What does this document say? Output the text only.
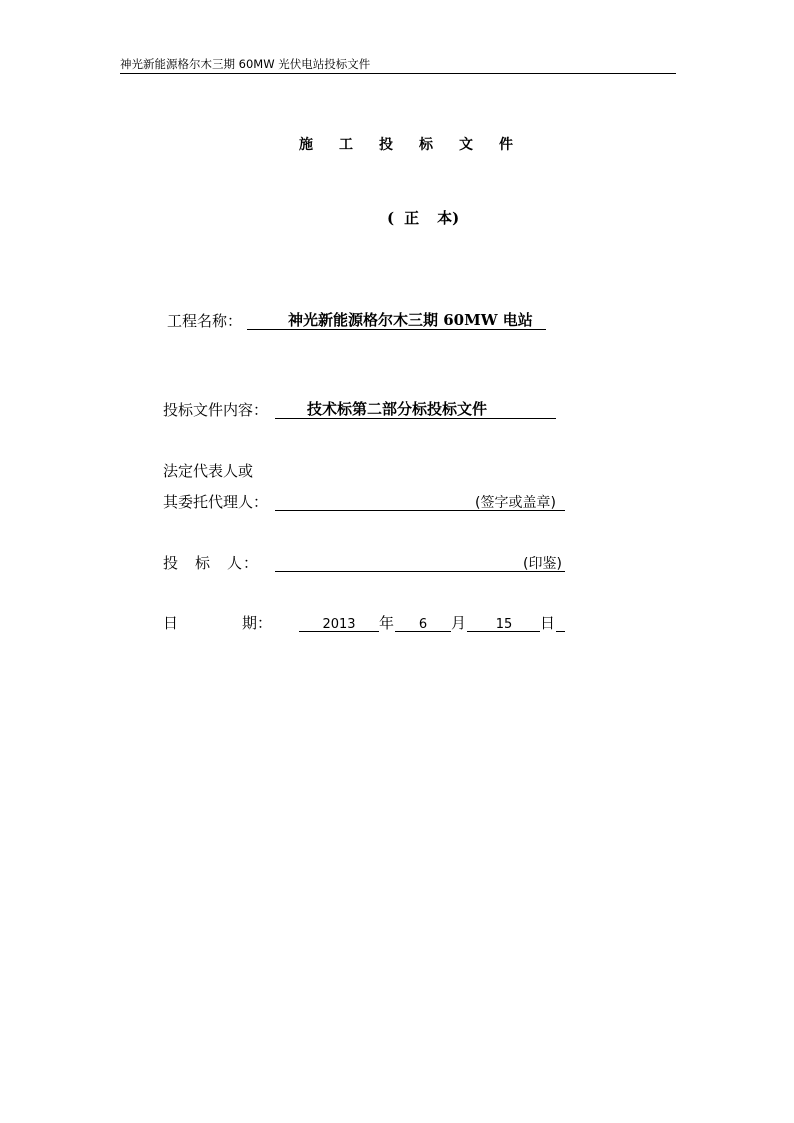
神光新能源格尔木三期 60MW 光伏电站投标文件
施工投标文件
( 正 本)
工程名称：	神光新能源格尔木三期 60MW 电站
投标文件内容：	技术标第二部分标投标文件
法定代表人或
其委托代理人：	(签字或盖章)
投　标　人：	(印鉴)
日	期：	2013	年	6	月	15	日
